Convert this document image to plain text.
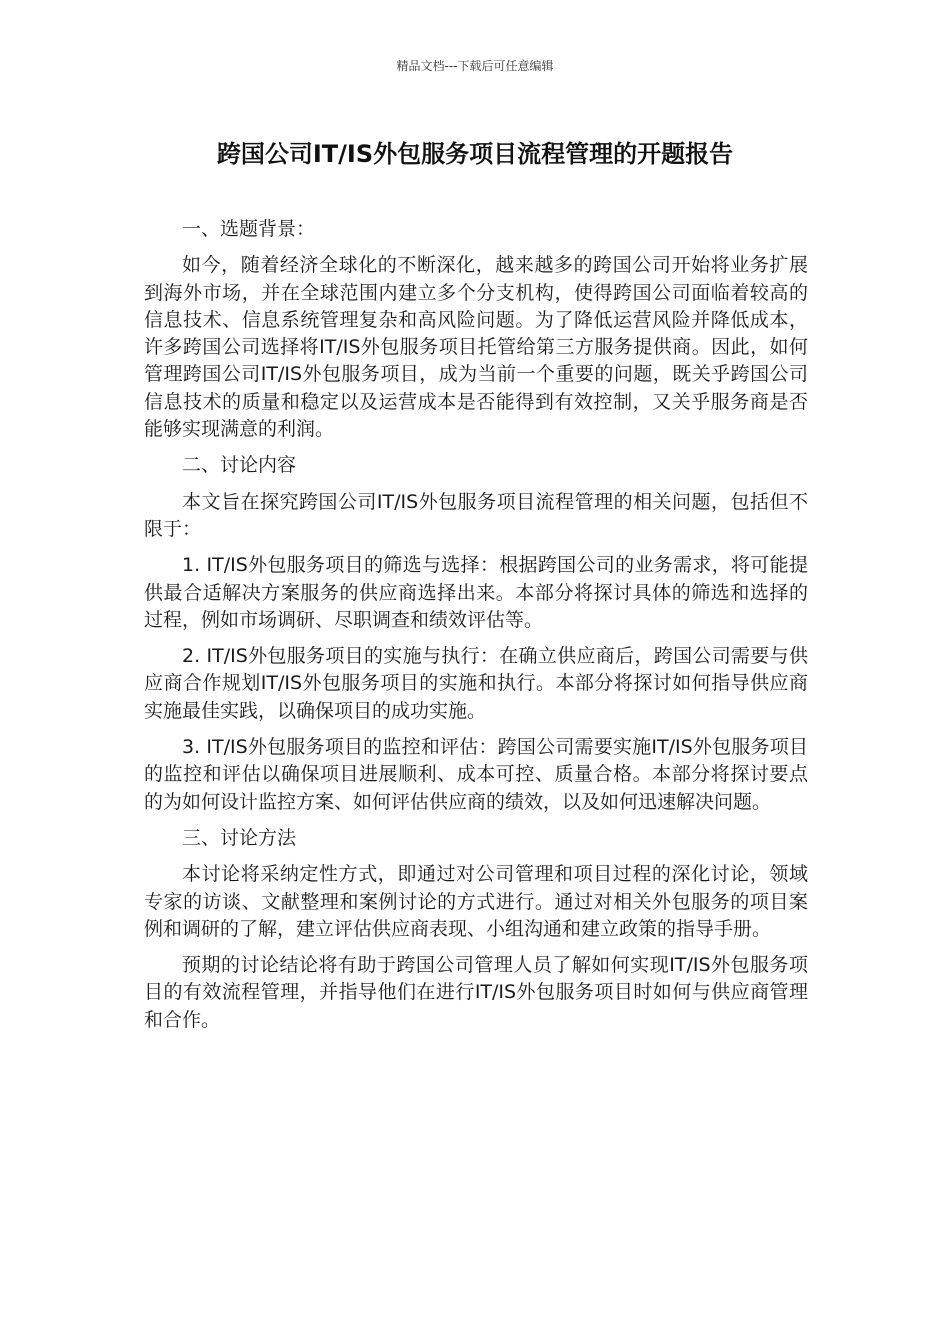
精品文档---下载后可任意编辑
跨国公司IT/IS外包服务项目流程管理的开题报告

一、选题背景：

如今，随着经济全球化的不断深化，越来越多的跨国公司开始将业务扩展到海外市场，并在全球范围内建立多个分支机构，使得跨国公司面临着较高的信息技术、信息系统管理复杂和高风险问题。为了降低运营风险并降低成本，许多跨国公司选择将IT/IS外包服务项目托管给第三方服务提供商。因此，如何管理跨国公司IT/IS外包服务项目，成为当前一个重要的问题，既关乎跨国公司信息技术的质量和稳定以及运营成本是否能得到有效控制，又关乎服务商是否能够实现满意的利润。

二、讨论内容

本文旨在探究跨国公司IT/IS外包服务项目流程管理的相关问题，包括但不限于：

1. IT/IS外包服务项目的筛选与选择：根据跨国公司的业务需求，将可能提供最合适解决方案服务的供应商选择出来。本部分将探讨具体的筛选和选择的过程，例如市场调研、尽职调查和绩效评估等。

2. IT/IS外包服务项目的实施与执行：在确立供应商后，跨国公司需要与供应商合作规划IT/IS外包服务项目的实施和执行。本部分将探讨如何指导供应商实施最佳实践，以确保项目的成功实施。

3. IT/IS外包服务项目的监控和评估：跨国公司需要实施IT/IS外包服务项目的监控和评估以确保项目进展顺利、成本可控、质量合格。本部分将探讨要点的为如何设计监控方案、如何评估供应商的绩效，以及如何迅速解决问题。

三、讨论方法

本讨论将采纳定性方式，即通过对公司管理和项目过程的深化讨论，领域专家的访谈、文献整理和案例讨论的方式进行。通过对相关外包服务的项目案例和调研的了解，建立评估供应商表现、小组沟通和建立政策的指导手册。

预期的讨论结论将有助于跨国公司管理人员了解如何实现IT/IS外包服务项目的有效流程管理，并指导他们在进行IT/IS外包服务项目时如何与供应商管理和合作。
